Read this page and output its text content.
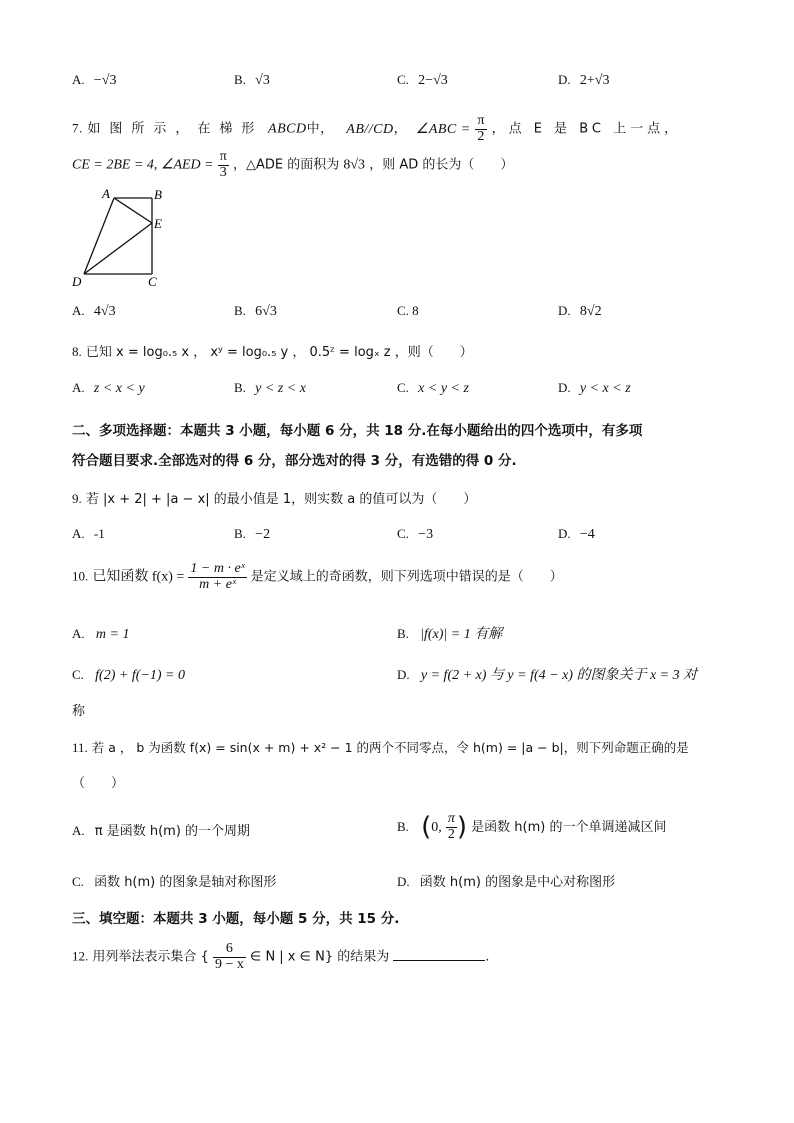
A. −√3	B. √3	C. 2−√3	D. 2+√3
7. 如图所示，在梯形 ABCD中， AB//CD， ∠ABC = $\frac{\pi}{2}$ ，点 E 是 BC 上一点，
CE = 2BE = 4, ∠AED = $\frac{\pi}{3}$ ，△ADE 的面积为 8√3 ，则 AD 的长为（　　）
A	B
E
D	C
A. 4√3	B. 6√3	C. 8	D. 8√2
8. 已知 x = log₀.₅ x ， xʸ = log₀.₅ y ， 0.5ᶻ = logₓ z ，则（　　）
A. z < x < y	B. y < z < x	C. x < y < z	D. y < x < z
二、多项选择题：本题共 3 小题，每小题 6 分，共 18 分.在每小题给出的四个选项中，有多项
符合题目要求.全部选对的得 6 分，部分选对的得 3 分，有选错的得 0 分.
9. 若 |x + 2| + |a − x| 的最小值是 1，则实数 a 的值可以为（　　）
A. -1	B. −2	C. −3	D. −4
10. 已知函数 $f(x) = \frac{\text{1 − m · eˣ}}{\text{m + eˣ}}$ 是定义域上的奇函数，则下列选项中错误的是（　　）
A. m = 1	B. |f(x)| = 1 有解
C. f(2) + f(−1) = 0	D. y = f(2 + x) 与 y = f(4 − x) 的图象关于 x = 3 对
称
11. 若 a ， b 为函数 f(x) = sin(x + m) + x² − 1 的两个不同零点，令 h(m) = |a − b|，则下列命题正确的是
（　　）
A. π 是函数 h(m) 的一个周期	B. (0, $\frac{\pi}{2}$ ) 是函数 h(m) 的一个单调递减区间
C. 函数 h(m) 的图象是轴对称图形	D. 函数 h(m) 的图象是中心对称图形
三、填空题：本题共 3 小题，每小题 5 分，共 15 分.
12. 用列举法表示集合 { $\frac{6}{9 - x}$ ∈ N | x ∈ N} 的结果为	.
